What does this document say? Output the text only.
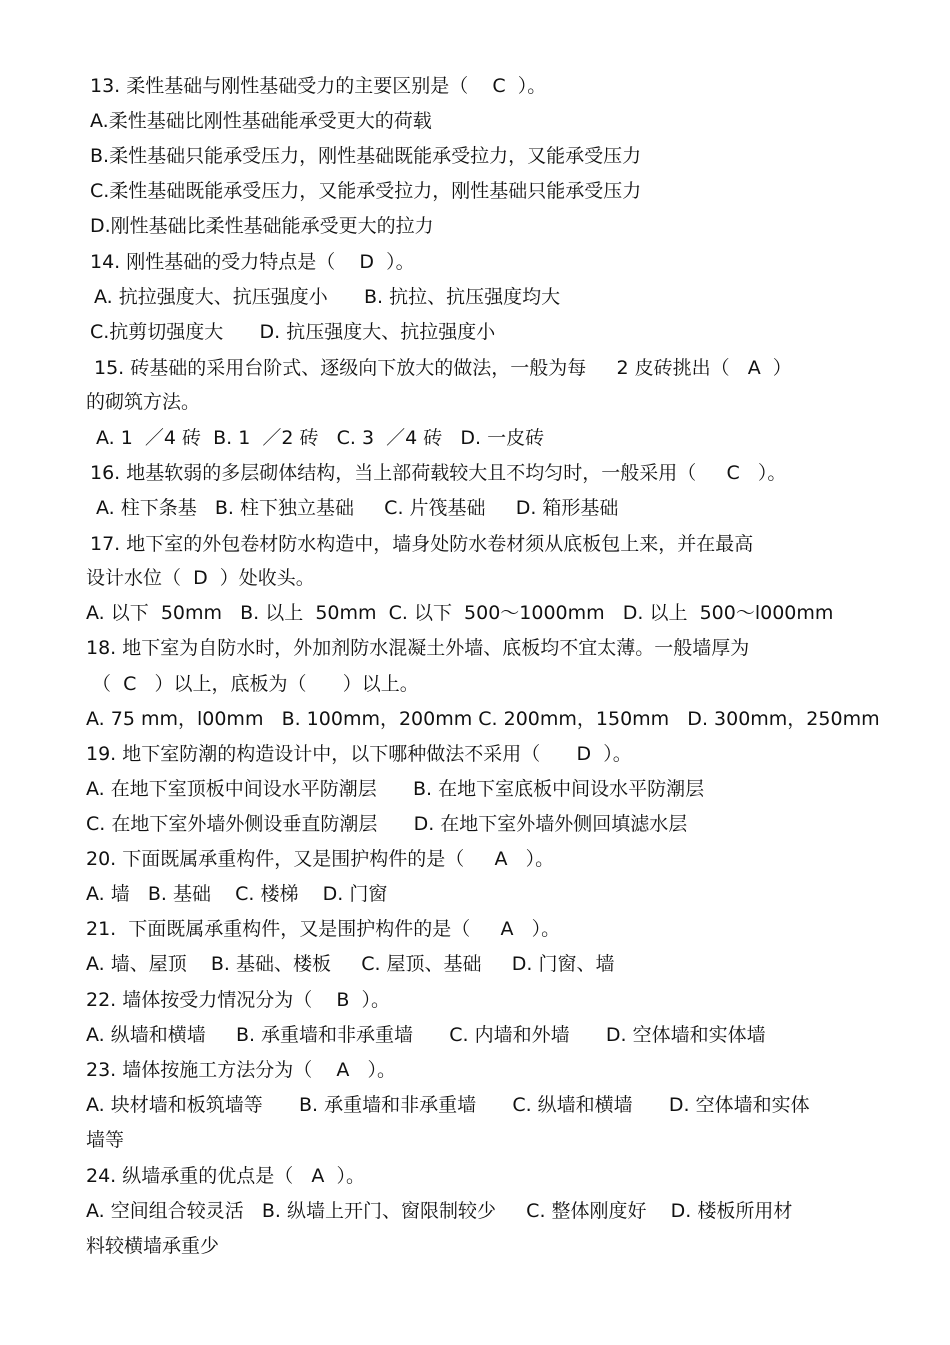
13. 柔性基础与刚性基础受力的主要区别是（    C  ）。
A.柔性基础比刚性基础能承受更大的荷载
B.柔性基础只能承受压力，刚性基础既能承受拉力，又能承受压力
C.柔性基础既能承受压力，又能承受拉力，刚性基础只能承受压力
D.刚性基础比柔性基础能承受更大的拉力
14. 刚性基础的受力特点是（    D  ）。
A. 抗拉强度大、抗压强度小      B. 抗拉、抗压强度均大
C.抗剪切强度大      D. 抗压强度大、抗拉强度小
15. 砖基础的采用台阶式、逐级向下放大的做法，一般为每     2 皮砖挑出（   A  ）
的砌筑方法。
A. 1  ／4 砖  B. 1  ／2 砖   C. 3  ／4 砖   D. 一皮砖
16. 地基软弱的多层砌体结构，当上部荷载较大且不均匀时，一般采用（     C   ）。
A. 柱下条基   B. 柱下独立基础     C. 片筏基础     D. 箱形基础
17. 地下室的外包卷材防水构造中，墙身处防水卷材须从底板包上来，并在最高
设计水位（  D  ）处收头。
A. 以下  50mm   B. 以上  50mm  C. 以下  500～1000mm   D. 以上  500～l000mm
18. 地下室为自防水时，外加剂防水混凝土外墙、底板均不宜太薄。一般墙厚为
（  C   ）以上，底板为（      ）以上。
A. 75 mm，l00mm   B. 100mm，200mm C. 200mm，150mm   D. 300mm，250mm
19. 地下室防潮的构造设计中，以下哪种做法不采用（      D  ）。
A. 在地下室顶板中间设水平防潮层      B. 在地下室底板中间设水平防潮层
C. 在地下室外墙外侧设垂直防潮层      D. 在地下室外墙外侧回填滤水层
20. 下面既属承重构件，又是围护构件的是（     A   ）。
A. 墙   B. 基础    C. 楼梯    D. 门窗
21.  下面既属承重构件，又是围护构件的是（     A   ）。
A. 墙、屋顶    B. 基础、楼板     C. 屋顶、基础     D. 门窗、墙
22. 墙体按受力情况分为（    B  ）。
A. 纵墙和横墙     B. 承重墙和非承重墙      C. 内墙和外墙      D. 空体墙和实体墙
23. 墙体按施工方法分为（    A   ）。
A. 块材墙和板筑墙等      B. 承重墙和非承重墙      C. 纵墙和横墙      D. 空体墙和实体
墙等
24. 纵墙承重的优点是（   A  ）。
A. 空间组合较灵活   B. 纵墙上开门、窗限制较少     C. 整体刚度好    D. 楼板所用材
料较横墙承重少
